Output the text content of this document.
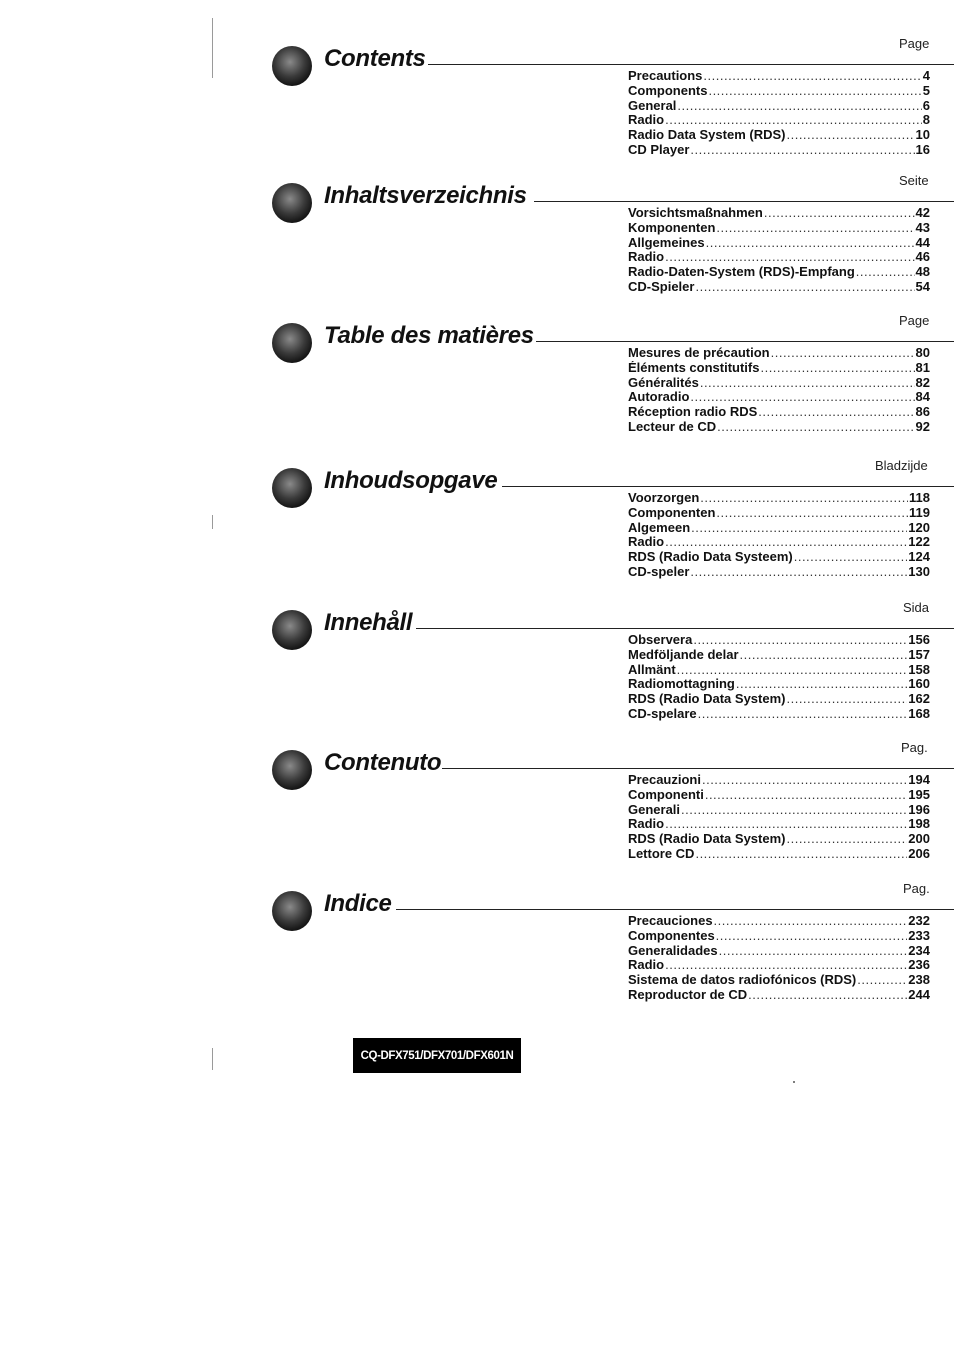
Contents
Page
Precautions .....	4
Components .....	5
General .....	6
Radio .....	8
Radio Data System (RDS) .....	10
CD Player .....	16
Inhaltsverzeichnis
Seite
Vorsichtsmaßnahmen .....	42
Komponenten .....	43
Allgemeines .....	44
Radio .....	46
Radio-Daten-System (RDS)-Empfang .....	48
CD-Spieler .....	54
Table des matières
Page
Mesures de précaution .....	80
Éléments constitutifs .....	81
Généralités .....	82
Autoradio .....	84
Réception radio RDS .....	86
Lecteur de CD .....	92
Inhoudsopgave
Bladzijde
Voorzorgen .....	118
Componenten .....	119
Algemeen .....	120
Radio .....	122
RDS (Radio Data Systeem) .....	124
CD-speler .....	130
Innehåll
Sida
Observera .....	156
Medföljande delar .....	157
Allmänt .....	158
Radiomottagning .....	160
RDS (Radio Data System) .....	162
CD-spelare .....	168
Contenuto
Pag.
Precauzioni .....	194
Componenti .....	195
Generali .....	196
Radio .....	198
RDS (Radio Data System) .....	200
Lettore CD .....	206
Indice
Pag.
Precauciones .....	232
Componentes .....	233
Generalidades .....	234
Radio .....	236
Sistema de datos radiofónicos (RDS) .....	238
Reproductor de CD .....	244
CQ-DFX751/DFX701/DFX601N
